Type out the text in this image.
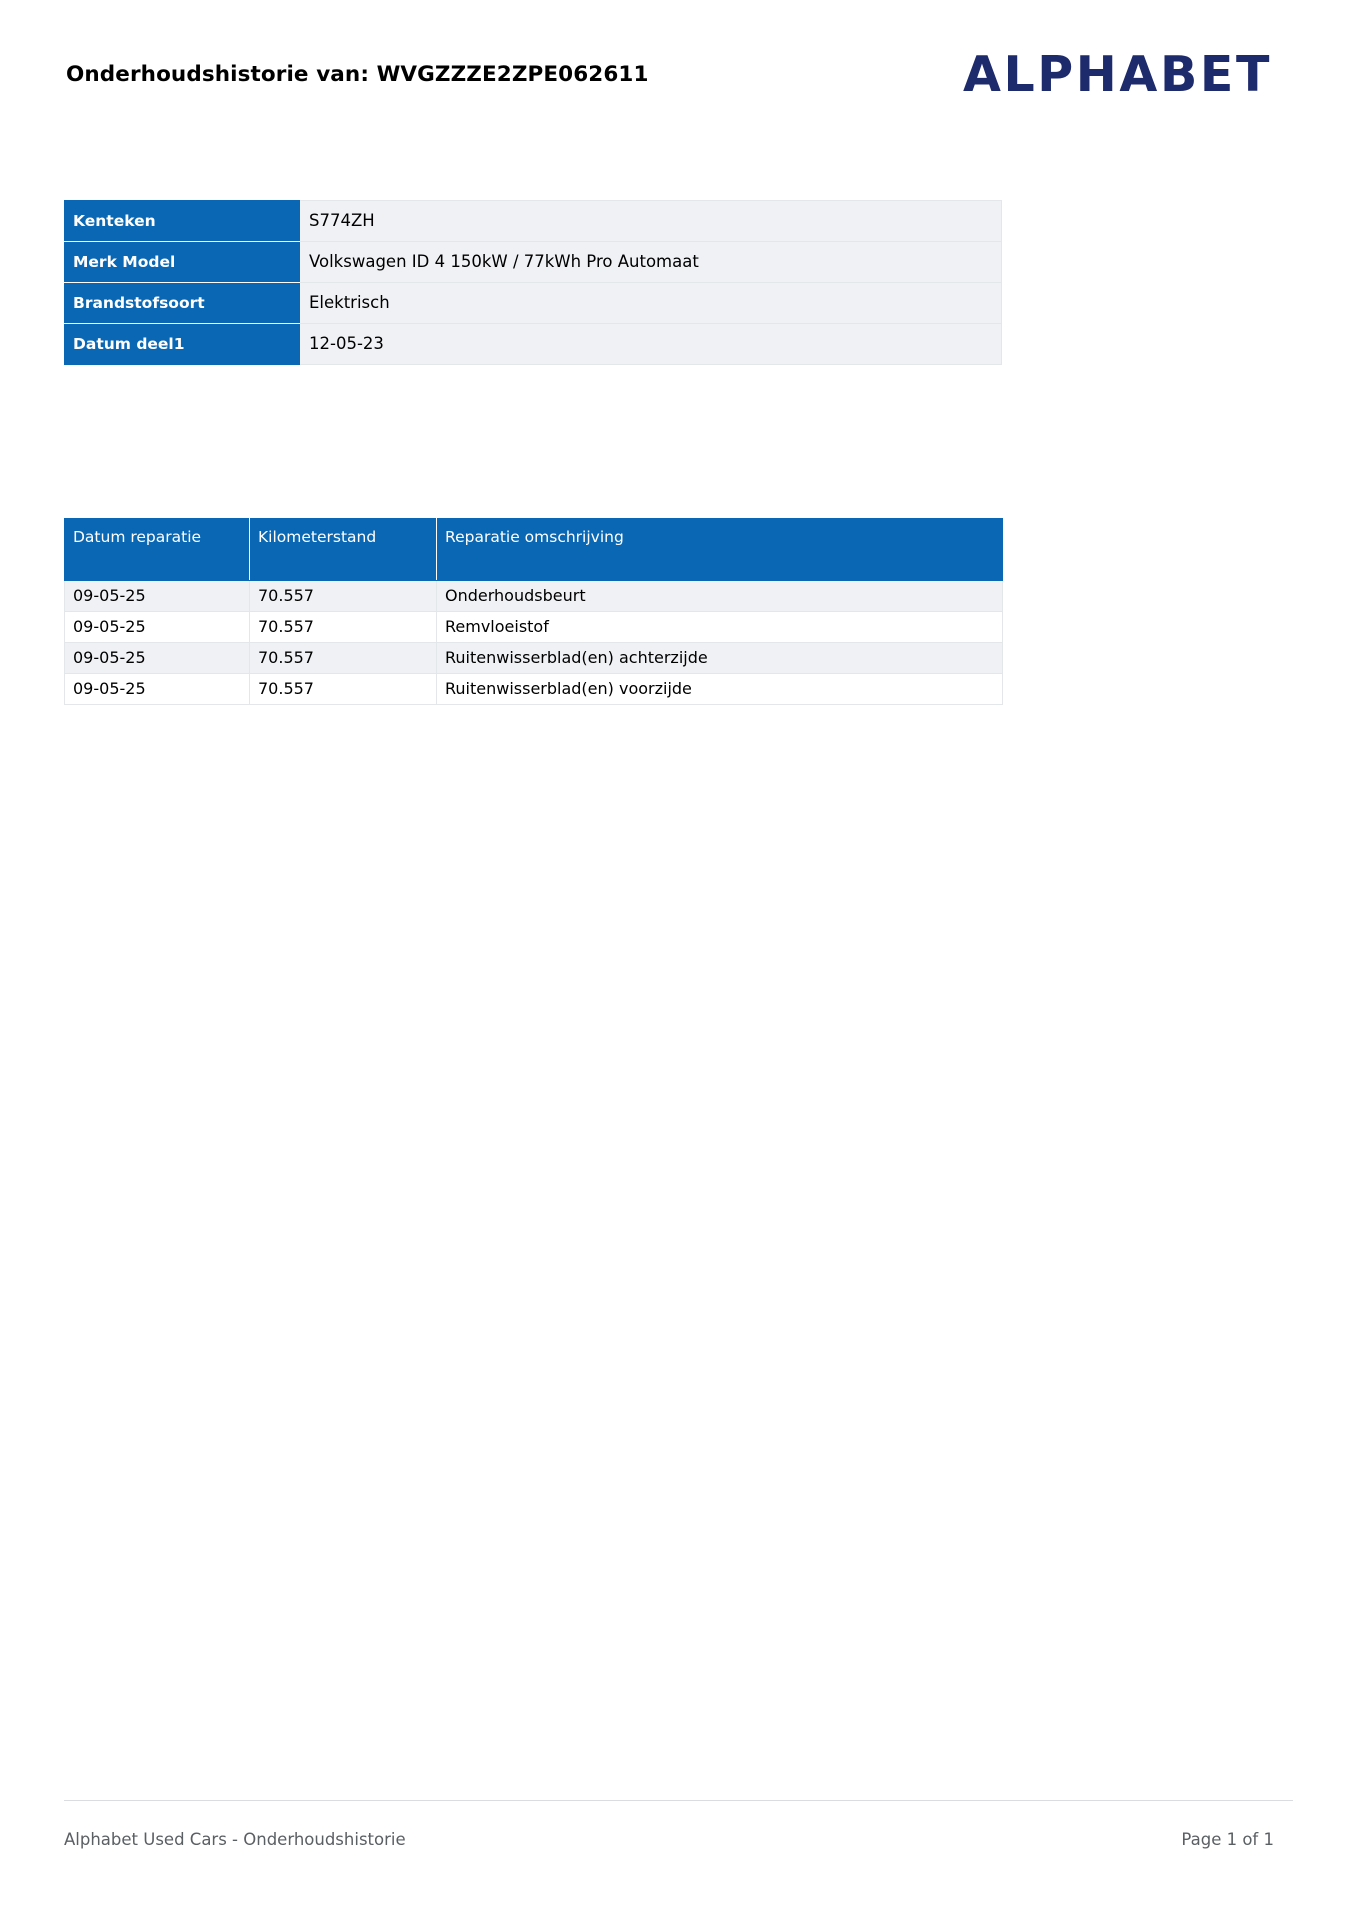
Onderhoudshistorie van: WVGZZZE2ZPE062611	ALPHABET
Kenteken	S774ZH
Merk Model	Volkswagen ID 4 150kW / 77kWh Pro Automaat
Brandstofsoort	Elektrisch
Datum deel1	12-05-23
Datum reparatie	Kilometerstand	Reparatie omschrijving
09-05-25	70.557	Onderhoudsbeurt
09-05-25	70.557	Remvloeistof
09-05-25	70.557	Ruitenwisserblad(en) achterzijde
09-05-25	70.557	Ruitenwisserblad(en) voorzijde
Alphabet Used Cars - Onderhoudshistorie	Page 1 of 1
